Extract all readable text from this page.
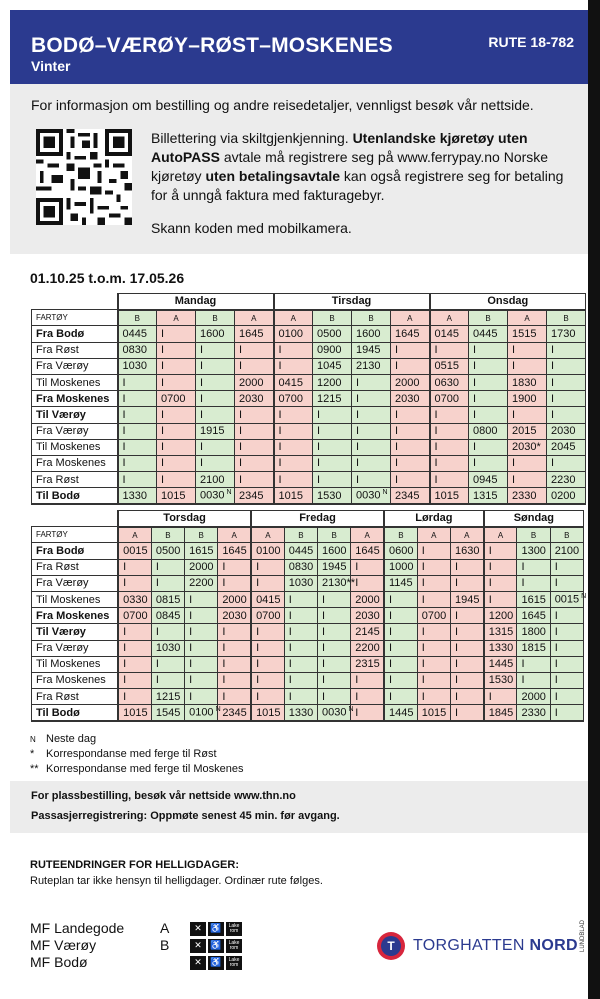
BODØ–VÆRØY–RØST–MOSKENES
Vinter
RUTE 18-782
For informasjon om bestilling og andre reisedetaljer, vennligst besøk vår nettside.
Billettering via skiltgjenkjenning. Utenlandske kjøretøy uten AutoPASS avtale må registrere seg på www.ferrypay.no Norske kjøretøy uten betalingsavtale kan også registrere seg for betaling for å unngå faktura med fakturagebyr.
Skann koden med mobilkamera.
01.10.25 t.o.m. 17.05.26
	Mandag				Tirsdag				Onsdag			
FARTØY	B	A	B	A	A	B	B	A	A	B	A	B
Fra Bodø	0445	I	1600	1645	0100	0500	1600	1645	0145	0445	1515	1730
Fra Røst	0830	I	I	I	I	0900	1945	I	I	I	I	I
Fra Værøy	1030	I	I	I	I	1045	2130	I	0515	I	I	I
Til Moskenes	I	I	I	2000	0415	1200	I	2000	0630	I	1830	I
Fra Moskenes	I	0700	I	2030	0700	1215	I	2030	0700	I	1900	I
Til Værøy	I	I	I	I	I	I	I	I	I	I	I	I
Fra Værøy	I	I	1915	I	I	I	I	I	I	0800	2015	2030
Til Moskenes	I	I	I	I	I	I	I	I	I	I	2030*	2045
Fra Moskenes	I	I	I	I	I	I	I	I	I	I	I	I
Fra Røst	I	I	2100	I	I	I	I	I	I	0945	I	2230
Til Bodø	1330	1015	0030 $^N$	2345	1015	1530	0030 $^N$	2345	1015	1315	2330	0200
	Torsdag				Fredag				Lørdag			Søndag		
FARTØY	A	B	B	A	A	B	B	A	B	A	A	A	B	B
Fra Bodø	0015	0500	1615	1645	0100	0445	1600	1645	0600	I	1630	I	1300	2100
Fra Røst	I	I	2000	I	I	0830	1945	I	1000	I	I	I	I	I
Fra Værøy	I	I	2200	I	I	1030	2130**	I	1145	I	I	I	I	I
Til Moskenes	0330	0815	I	2000	0415	I	I	2000	I	I	1945	I	1615	0015 $^N$
Fra Moskenes	0700	0845	I	2030	0700	I	I	2030	I	0700	I	1200	1645	I
Til Værøy	I	I	I	I	I	I	I	2145	I	I	I	1315	1800	I
Fra Værøy	I	1030	I	I	I	I	I	2200	I	I	I	1330	1815	I
Til Moskenes	I	I	I	I	I	I	I	2315	I	I	I	1445	I	I
Fra Moskenes	I	I	I	I	I	I	I	I	I	I	I	1530	I	I
Fra Røst	I	1215	I	I	I	I	I	I	I	I	I	I	2000	I
Til Bodø	1015	1545	0100 $^N$	2345	1015	1330	0030 $^N$	I	1445	1015	I	1845	2330	I
N Neste dag
*	Korrespondanse med ferge til Røst
** Korrespondanse med ferge til Moskenes
For plassbestilling, besøk vår nettside www.thn.no
Passasjerregistrering: Oppmøte senest 45 min. før avgang.
RUTEENDRINGER FOR HELLIGDAGER:
Ruteplan tar ikke hensyn til helligdager. Ordinær rute følges.
MF Landegode	A	✕ ♿	Lake rom
MF Værøy	B	✕ ♿	Lake rom
MF Bodø	✕ ♿	Lake rom
T	TORGHATTEN NORD LUNDBLAD
